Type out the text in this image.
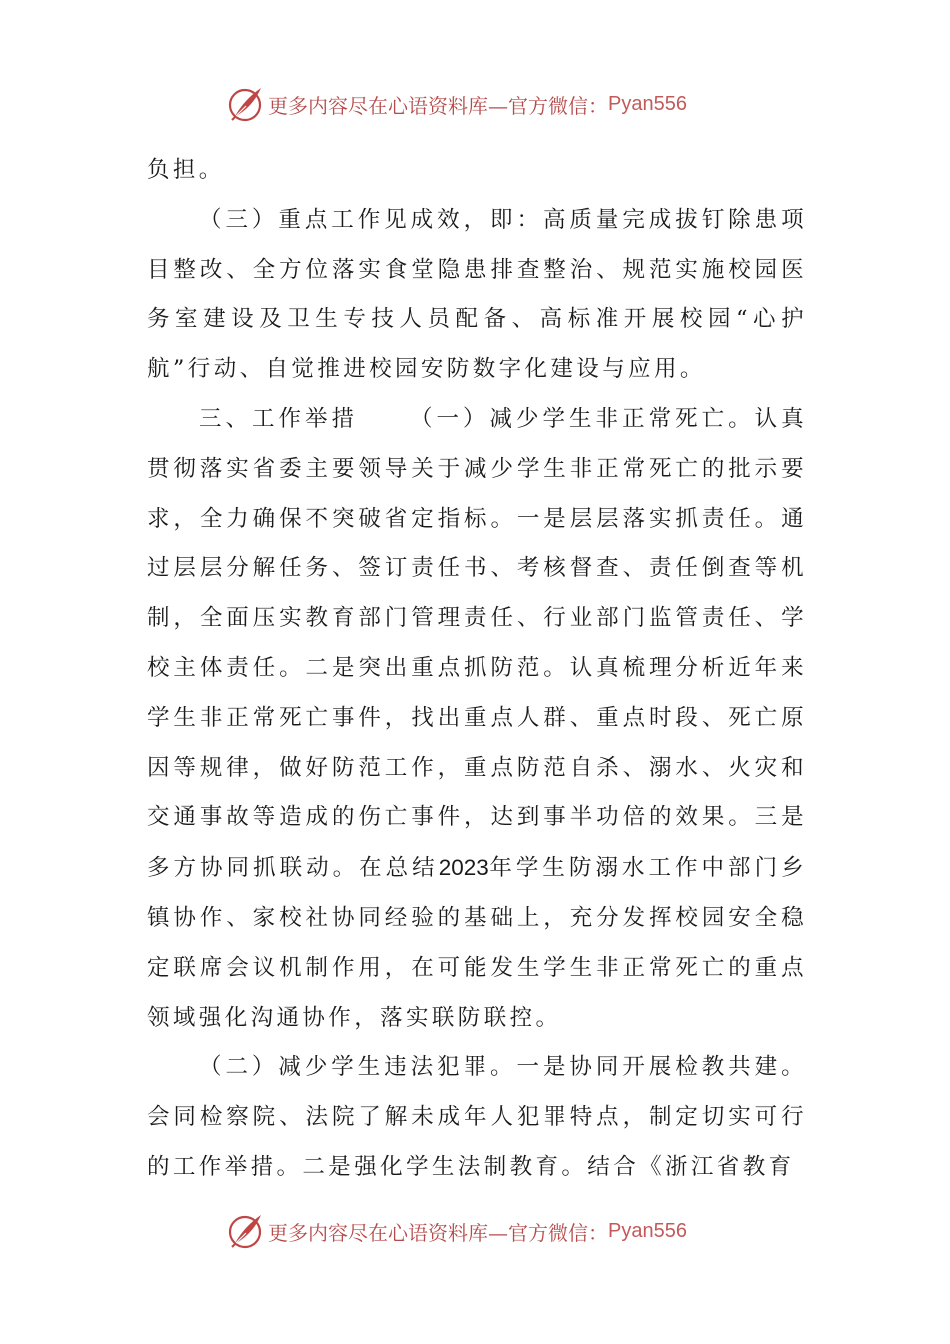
更多内容尽在心语资料库—官方微信： Pyan556

负担。

（三）重点工作见成效，即：高质量完成拔钉除患项目整改、全方位落实食堂隐患排查整治、规范实施校园医务室建设及卫生专技人员配备、高标准开展校园“心护航”行动、自觉推进校园安防数字化建设与应用。

三、工作举措 （一）减少学生非正常死亡。认真贯彻落实省委主要领导关于减少学生非正常死亡的批示要求，全力确保不突破省定指标。一是层层落实抓责任。通过层层分解任务、签订责任书、考核督查、责任倒查等机制，全面压实教育部门管理责任、行业部门监管责任、学校主体责任。二是突出重点抓防范。认真梳理分析近年来学生非正常死亡事件，找出重点人群、重点时段、死亡原因等规律，做好防范工作，重点防范自杀、溺水、火灾和交通事故等造成的伤亡事件，达到事半功倍的效果。三是多方协同抓联动。在总结2023年学生防溺水工作中部门乡镇协作、家校社协同经验的基础上，充分发挥校园安全稳定联席会议机制作用，在可能发生学生非正常死亡的重点领域强化沟通协作，落实联防联控。

（二）减少学生违法犯罪。一是协同开展检教共建。会同检察院、法院了解未成年人犯罪特点，制定切实可行的工作举措。二是强化学生法制教育。结合《浙江省教育

更多内容尽在心语资料库—官方微信： Pyan556
